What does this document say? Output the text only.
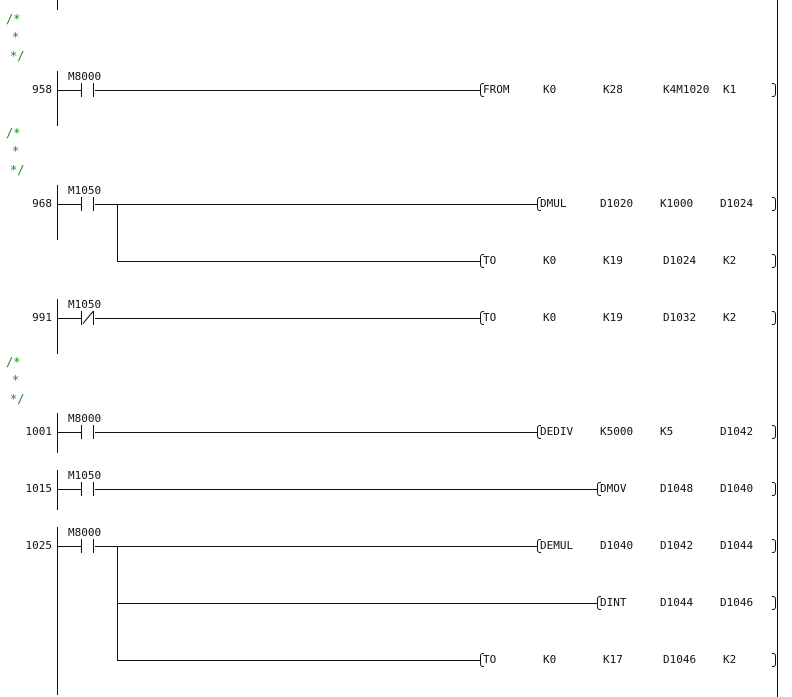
/*
*
*/
/*
*
*/
/*
*
*/
958
M8000
FROM	K0	K28	K4M1020 K1
968
M1050
DMUL	D1020 K1000 D1024
TO	K0	K19	D1024 K2
991
M1050
TO	K0	K19	D1032 K2
1001
M8000
DEDIV K5000 K5	D1042
1015
M1050
DMOV	D1048 D1040
1025
M8000
DEMUL D1040 D1042 D1044
DINT	D1044 D1046
TO	K0	K17	D1046 K2
